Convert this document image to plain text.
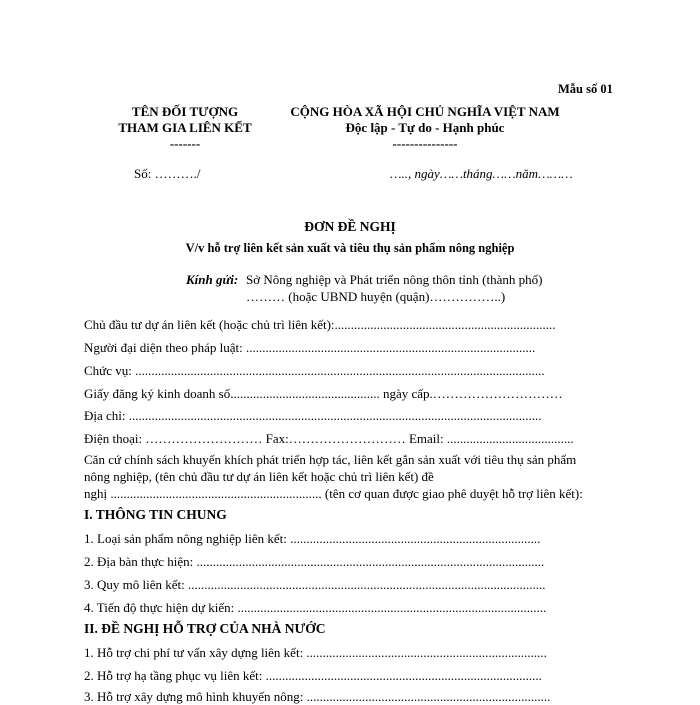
Mẫu số 01
TÊN ĐỐI TƯỢNG
THAM GIA LIÊN KẾT
-------
CỘNG HÒA XÃ HỘI CHỦ NGHĨA VIỆT NAM
Độc lập - Tự do - Hạnh phúc
---------------
Số: ………./	….., ngày……tháng……năm………
ĐƠN ĐỀ NGHỊ
V/v hỗ trợ liên kết sản xuất và tiêu thụ sản phẩm nông nghiệp
Kính gửi: Sở Nông nghiệp và Phát triển nông thôn tỉnh (thành phố)
……… (hoặc UBND huyện (quận)……………..)
Chủ đầu tư dự án liên kết (hoặc chủ trì liên kết):....................................................................
Người đại diện theo pháp luật: .........................................................................................
Chức vụ: ..............................................................................................................................
Giấy đăng ký kinh doanh số.............................................. ngày cấp.…………………………
Địa chỉ: ...............................................................................................................................
Điện thoại: ……………………… Fax:……………………… Email: .......................................
Căn cứ chính sách khuyến khích phát triển hợp tác, liên kết gắn sản xuất với tiêu thụ sản phẩm
nông nghiệp, (tên chủ đầu tư dự án liên kết hoặc chủ trì liên kết) đề
nghị ................................................................. (tên cơ quan được giao phê duyệt hỗ trợ liên kết):
I. THÔNG TIN CHUNG
1. Loại sản phẩm nông nghiệp liên kết: .............................................................................
2. Địa bàn thực hiện: ...........................................................................................................
3. Quy mô liên kết: ..............................................................................................................
4. Tiến độ thực hiện dự kiến: ...............................................................................................
II. ĐỀ NGHỊ HỖ TRỢ CỦA NHÀ NƯỚC
1. Hỗ trợ chi phí tư vấn xây dựng liên kết: ..........................................................................
2. Hỗ trợ hạ tầng phục vụ liên kết: .....................................................................................
3. Hỗ trợ xây dựng mô hình khuyến nông: ...........................................................................
